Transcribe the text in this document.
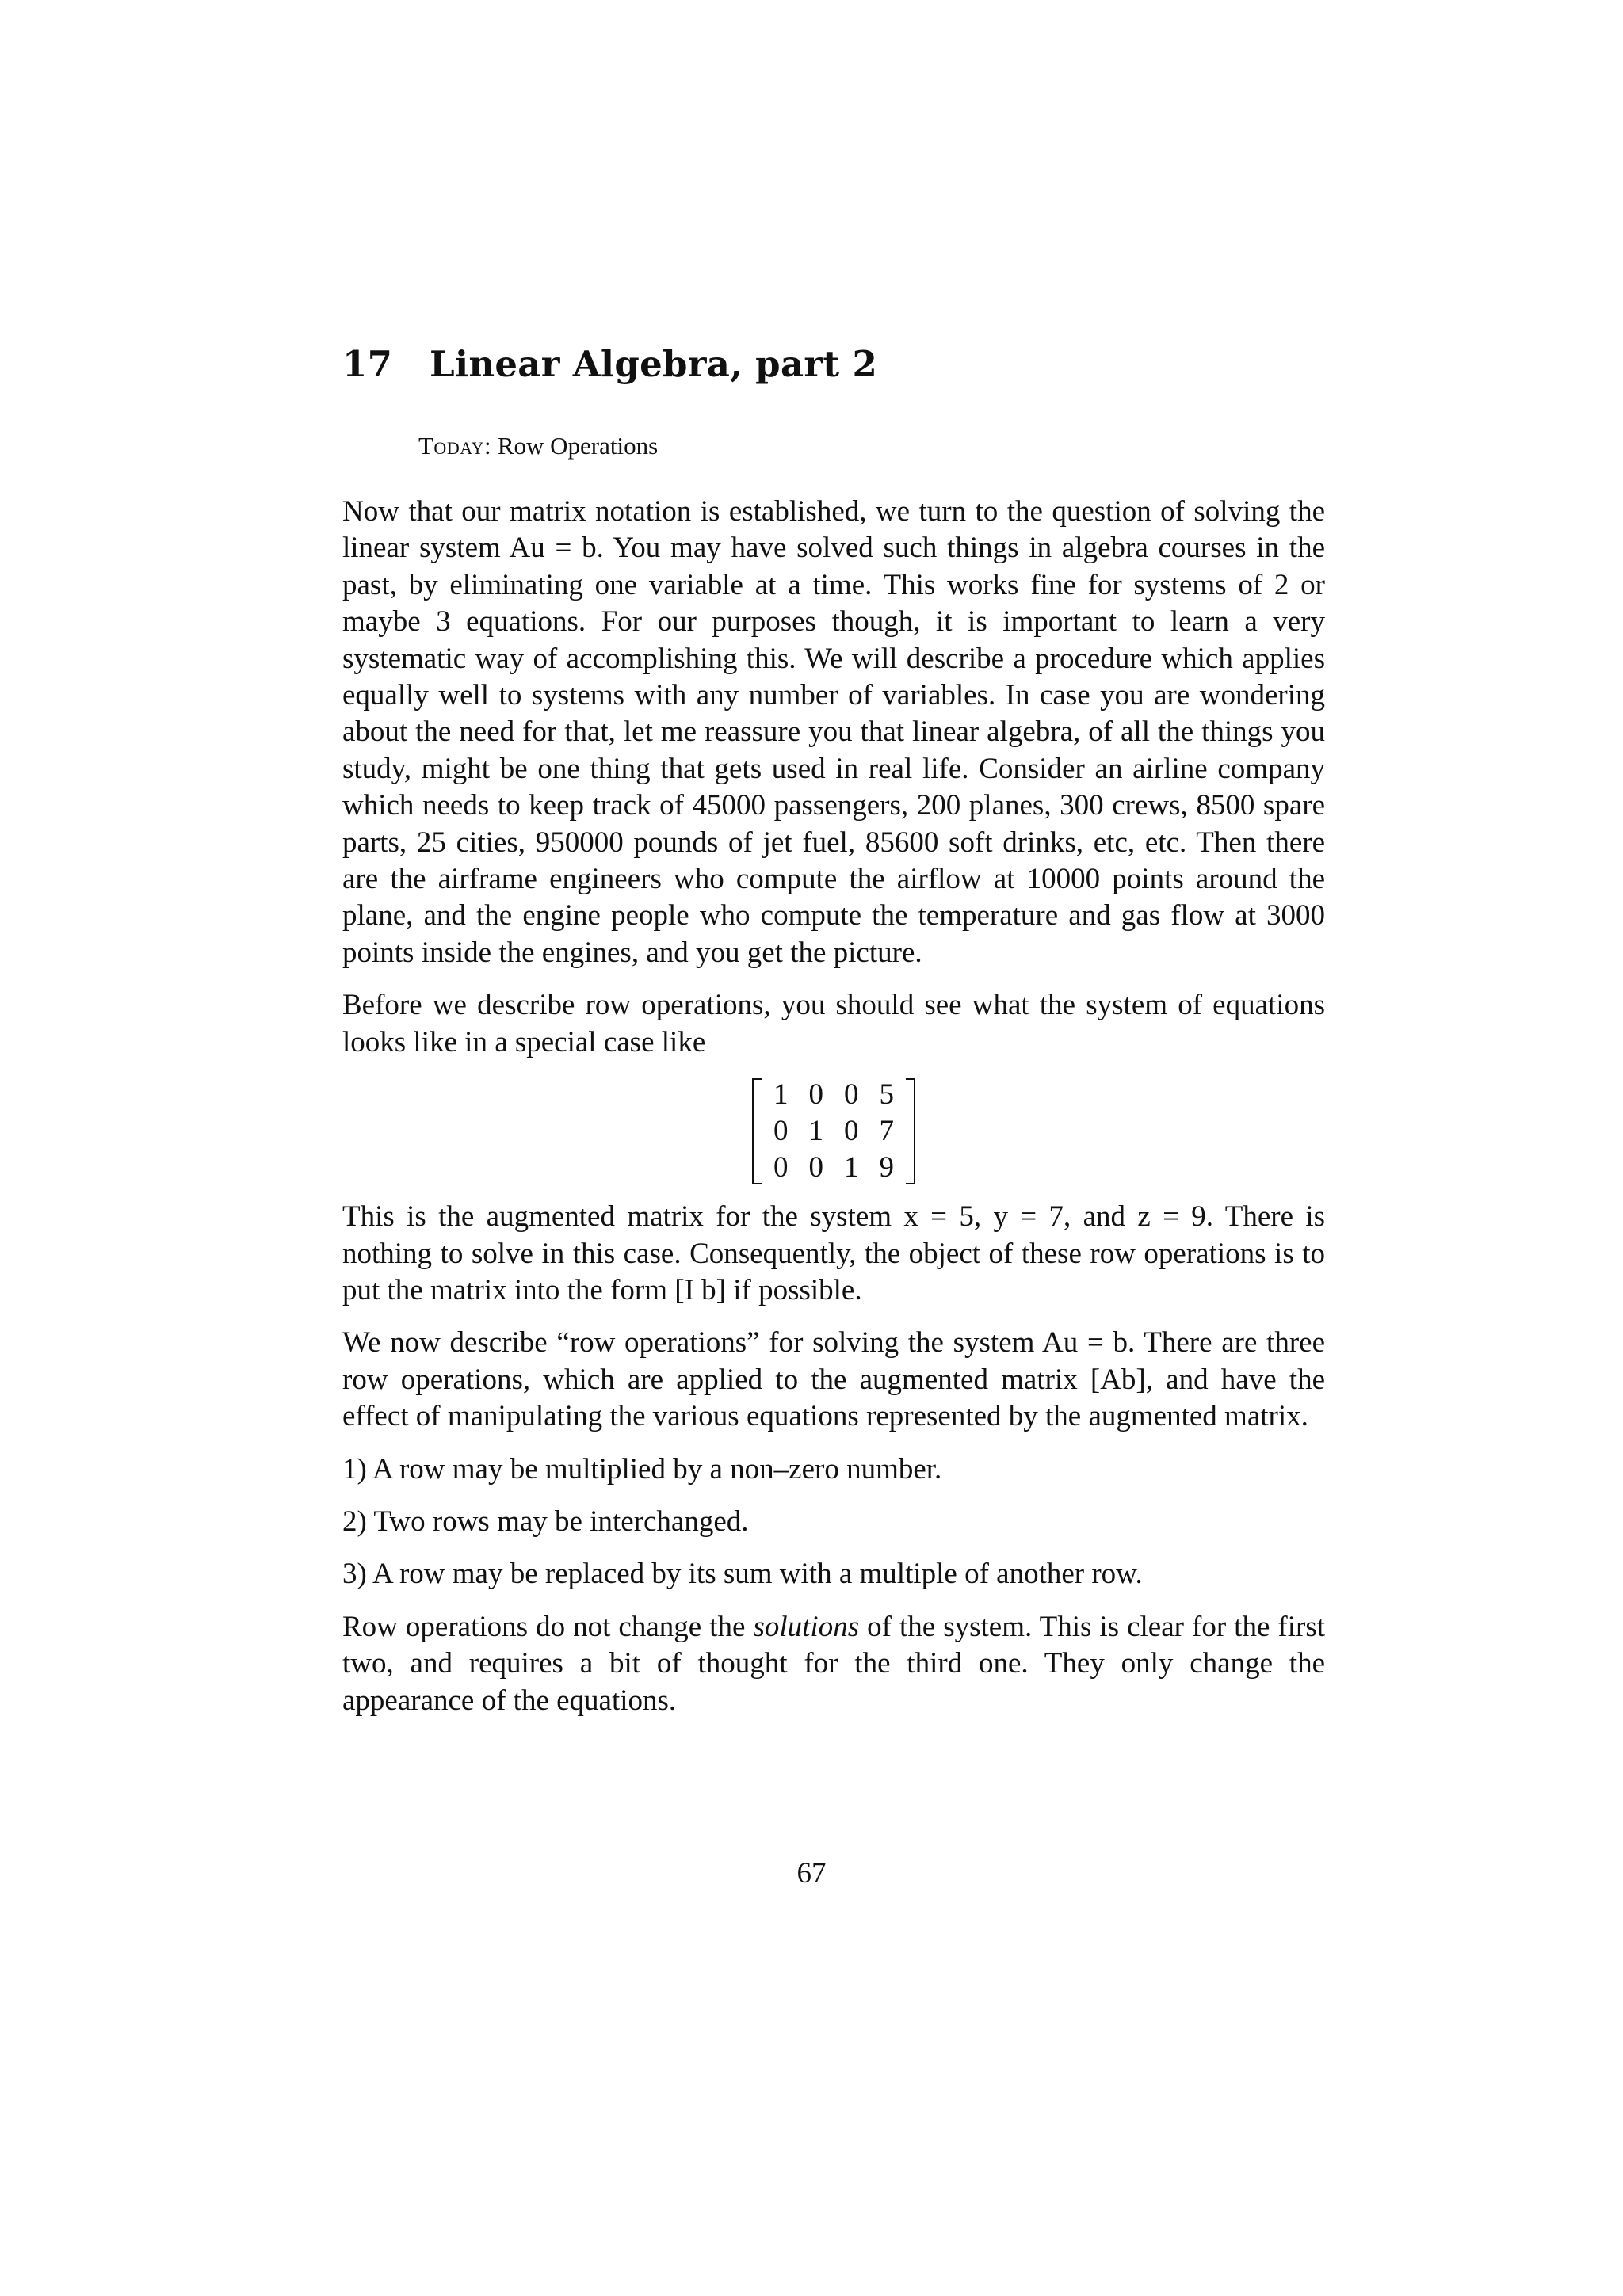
17 Linear Algebra, part 2
Today: Row Operations

Now that our matrix notation is established, we turn to the question of solving the linear system Au = b. You may have solved such things in algebra courses in the past, by eliminating one variable at a time. This works fine for systems of 2 or maybe 3 equations. For our purposes though, it is important to learn a very systematic way of accomplishing this. We will describe a procedure which applies equally well to systems with any number of variables. In case you are wondering about the need for that, let me reassure you that linear algebra, of all the things you study, might be one thing that gets used in real life. Consider an airline company which needs to keep track of 45000 passengers, 200 planes, 300 crews, 8500 spare parts, 25 cities, 950000 pounds of jet fuel, 85600 soft drinks, etc, etc. Then there are the airframe engineers who compute the airflow at 10000 points around the plane, and the engine people who compute the temperature and gas flow at 3000 points inside the engines, and you get the picture.

Before we describe row operations, you should see what the system of equations looks like in a special case like

1	0	0	5
0	1	0	7
0	0	1	9

This is the augmented matrix for the system x = 5, y = 7, and z = 9. There is nothing to solve in this case. Consequently, the object of these row operations is to put the matrix into the form [I b] if possible.

We now describe “row operations” for solving the system Au = b. There are three row operations, which are applied to the augmented matrix [Ab], and have the effect of manipulating the various equations represented by the augmented matrix.

1) A row may be multiplied by a non–zero number.

2) Two rows may be interchanged.

3) A row may be replaced by its sum with a multiple of another row.

Row operations do not change the solutions of the system. This is clear for the first two, and requires a bit of thought for the third one. They only change the appearance of the equations.

67
